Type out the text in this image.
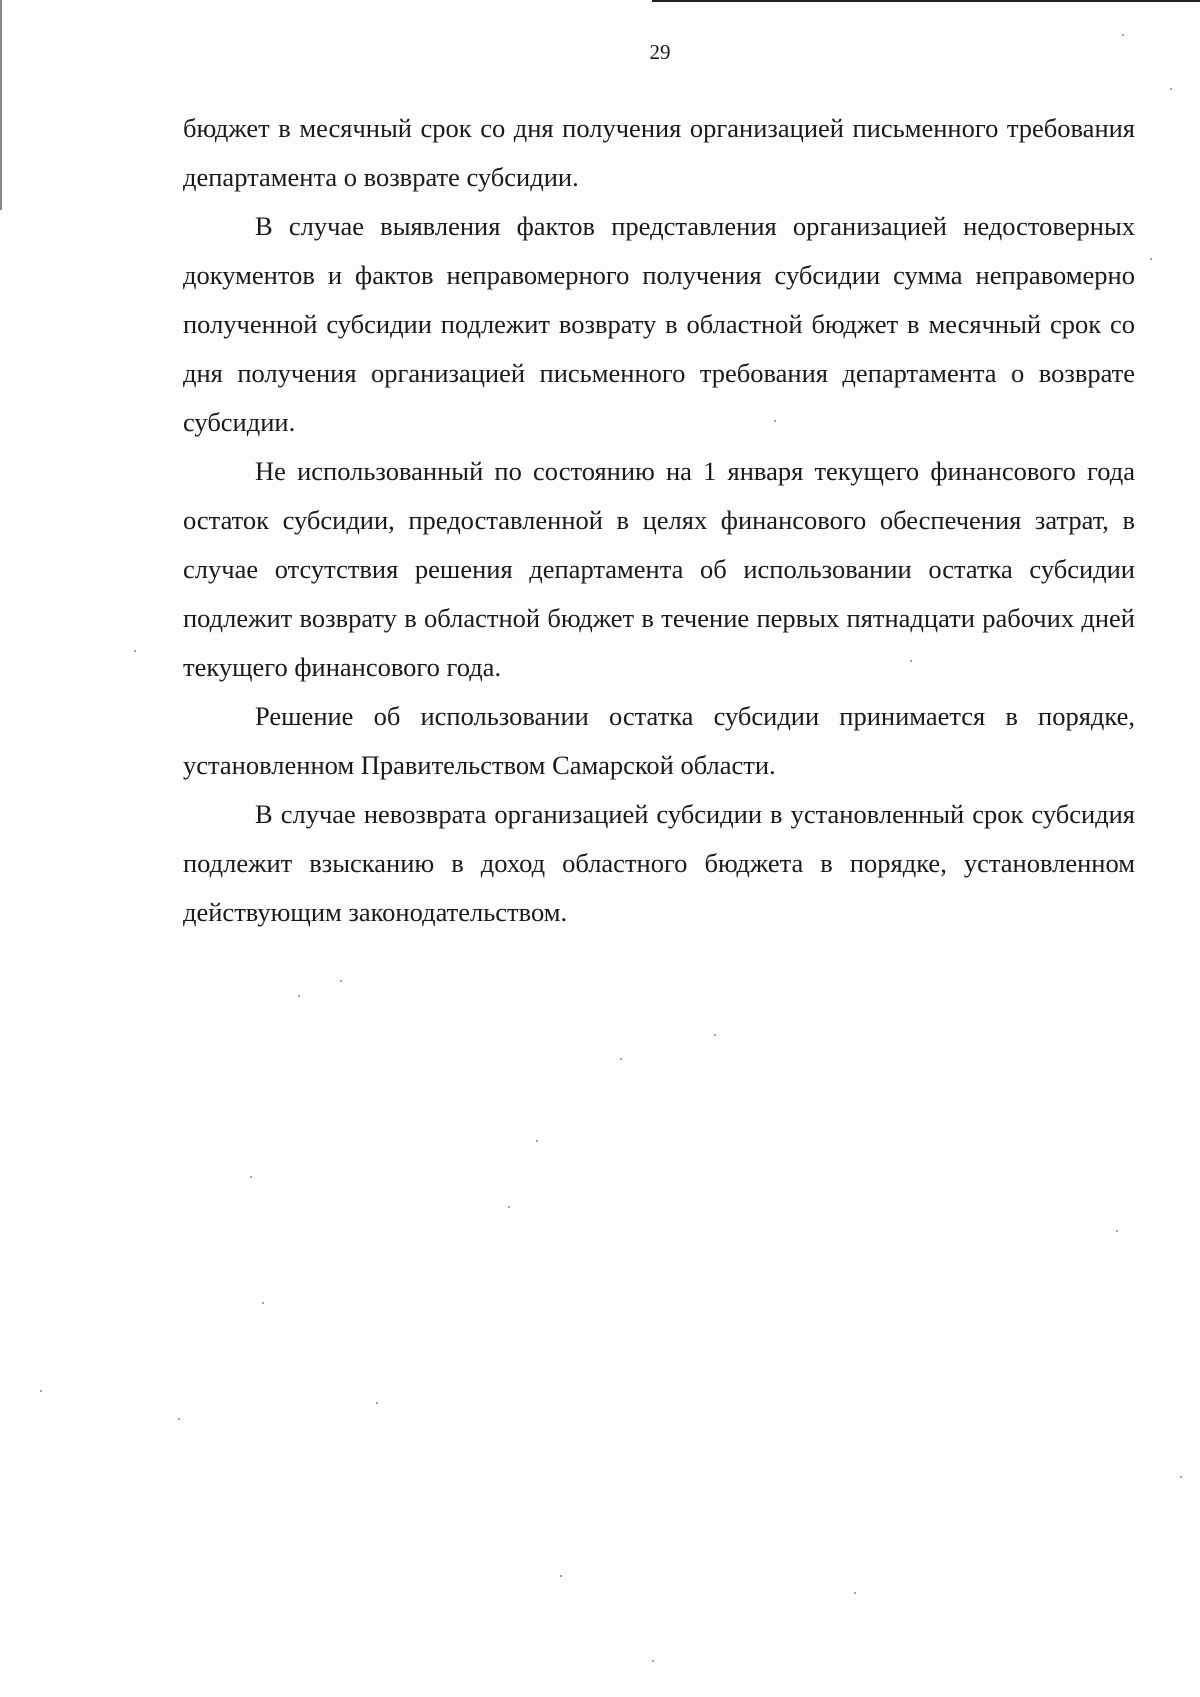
29

бюджет в месячный срок со дня получения организацией письменного требования департамента о возврате субсидии.

В случае выявления фактов представления организацией недостоверных документов и фактов неправомерного получения субсидии сумма неправомерно полученной субсидии подлежит возврату в областной бюджет в месячный срок со дня получения организацией письменного требования департамента о возврате субсидии.

Не использованный по состоянию на 1 января текущего финансового года остаток субсидии, предоставленной в целях финансового обеспечения затрат, в случае отсутствия решения департамента об использовании остатка субсидии подлежит возврату в областной бюджет в течение первых пятнадцати рабочих дней текущего финансового года.

Решение об использовании остатка субсидии принимается в порядке, установленном Правительством Самарской области.

В случае невозврата организацией субсидии в установленный срок субсидия подлежит взысканию в доход областного бюджета в порядке, установленном действующим законодательством.
